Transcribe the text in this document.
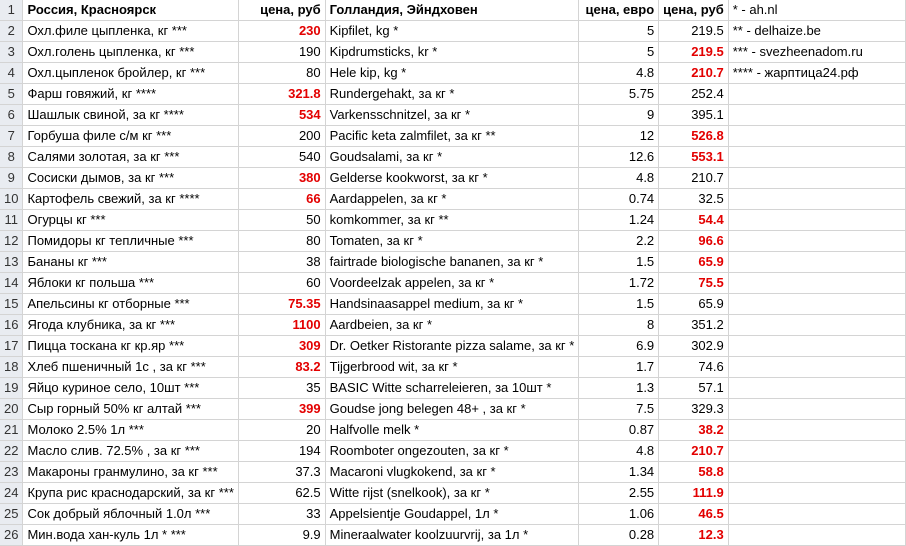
1	Россия, Красноярск	цена, руб	Голландия, Эйндховен	цена, евро	цена, руб	* - ah.nl
2	Охл.филе цыпленка, кг ***	230	Kipfilet, kg *	5	219.5	** - delhaize.be
3	Охл.голень цыпленка, кг ***	190	Kipdrumsticks, kr *	5	219.5	*** - svezheenadom.ru
4	Охл.цыпленок бройлер, кг ***	80	Hele kip, kg *	4.8	210.7	**** - жарптица24.рф
5	Фарш говяжий, кг ****	321.8	Rundergehakt, за кг *	5.75	252.4	
6	Шашлык свиной, за кг ****	534	Varkensschnitzel, за кг *	9	395.1	
7	Горбуша филе с/м кг ***	200	Pacific keta zalmfilet, за кг **	12	526.8	
8	Салями золотая, за кг ***	540	Goudsalami, за кг *	12.6	553.1	
9	Сосиски дымов, за кг ***	380	Gelderse kookworst, за кг *	4.8	210.7	
10	Картофель свежий, за кг ****	66	Aardappelen, за кг *	0.74	32.5	
11	Огурцы кг ***	50	komkommer, за кг **	1.24	54.4	
12	Помидоры кг тепличные ***	80	Tomaten, за кг *	2.2	96.6	
13	Бананы кг ***	38	fairtrade biologische bananen, за кг *	1.5	65.9	
14	Яблоки кг польша ***	60	Voordeelzak appelen, за кг *	1.72	75.5	
15	Апельсины кг отборные ***	75.35	Handsinaasappel medium, за кг *	1.5	65.9	
16	Ягода клубника, за кг ***	1100	Aardbeien, за кг *	8	351.2	
17	Пицца тоскана кг кр.яр ***	309	Dr. Oetker Ristorante pizza salame, за кг *	6.9	302.9	
18	Хлеб пшеничный 1с , за кг ***	83.2	Tijgerbrood wit, за кг *	1.7	74.6	
19	Яйцо куриное село, 10шт ***	35	BASIC Witte scharreleieren, за 10шт *	1.3	57.1	
20	Сыр горный 50% кг алтай ***	399	Goudse jong belegen 48+ , за кг *	7.5	329.3	
21	Молоко 2.5% 1л ***	20	Halfvolle melk *	0.87	38.2	
22	Масло слив. 72.5% , за кг ***	194	Roomboter ongezouten, за кг *	4.8	210.7	
23	Макароны гранмулино, за кг ***	37.3	Macaroni vlugkokend, за кг *	1.34	58.8	
24	Крупа рис краснодарский, за кг ***	62.5	Witte rijst (snelkook), за кг *	2.55	111.9	
25	Сок добрый яблочный 1.0л ***	33	Appelsientje Goudappel, 1л *	1.06	46.5	
26	Мин.вода хан-куль 1л * ***	9.9	Mineraalwater koolzuurvrij, за 1л *	0.28	12.3	
